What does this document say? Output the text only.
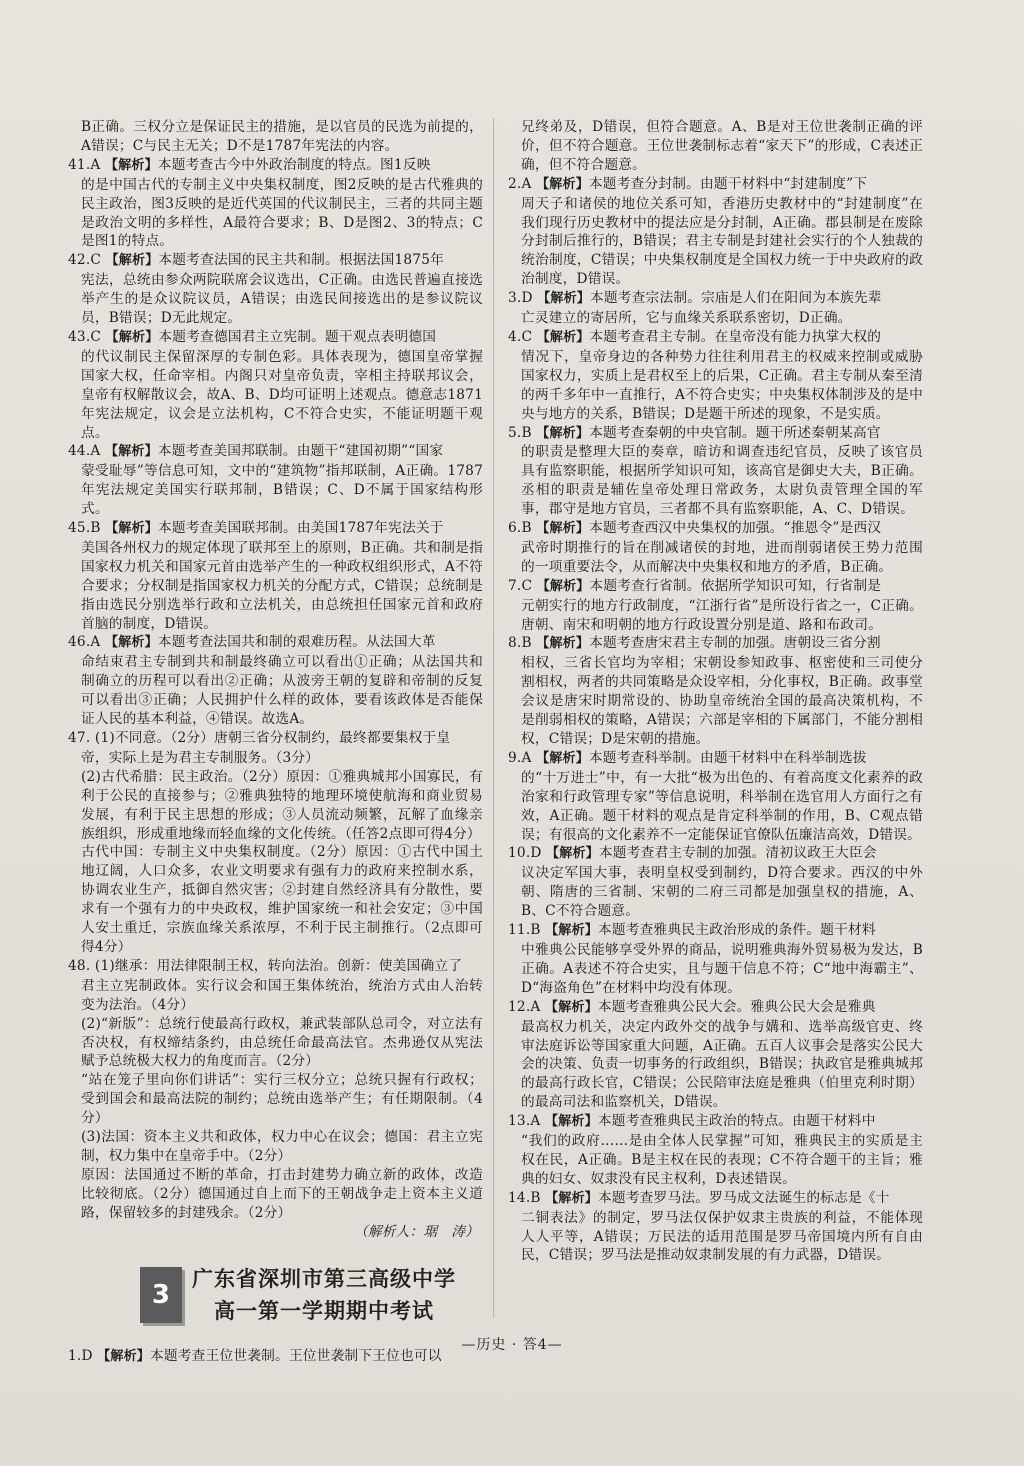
B正确。三权分立是保证民主的措施，是以官员的民选为前提的，A错误；C与民主无关；D不是1787年宪法的内容。

41.A 【解析】本题考查古今中外政治制度的特点。图1反映
的是中国古代的专制主义中央集权制度，图2反映的是古代雅典的民主政治，图3反映的是近代英国的代议制民主，三者的共同主题是政治文明的多样性，A最符合要求；B、D是图2、3的特点；C是图1的特点。

42.C 【解析】本题考查法国的民主共和制。根据法国1875年
宪法，总统由参众两院联席会议选出，C正确。由选民普遍直接选举产生的是众议院议员，A错误；由选民间接选出的是参议院议员，B错误；D无此规定。

43.C 【解析】本题考查德国君主立宪制。题干观点表明德国
的代议制民主保留深厚的专制色彩。具体表现为，德国皇帝掌握国家大权，任命宰相。内阁只对皇帝负责，宰相主持联邦议会，皇帝有权解散议会，故A、B、D均可证明上述观点。德意志1871年宪法规定，议会是立法机构，C不符合史实，不能证明题干观点。

44.A 【解析】本题考查美国邦联制。由题干“建国初期”“国家
蒙受耻辱”等信息可知，文中的“建筑物”指邦联制，A正确。1787年宪法规定美国实行联邦制，B错误；C、D不属于国家结构形式。

45.B 【解析】本题考查美国联邦制。由美国1787年宪法关于
美国各州权力的规定体现了联邦至上的原则，B正确。共和制是指国家权力机关和国家元首由选举产生的一种政权组织形式，A不符合要求；分权制是指国家权力机关的分配方式，C错误；总统制是指由选民分别选举行政和立法机关，由总统担任国家元首和政府首脑的制度，D错误。

46.A 【解析】本题考查法国共和制的艰难历程。从法国大革
命结束君主专制到共和制最终确立可以看出①正确；从法国共和制确立的历程可以看出②正确；从波旁王朝的复辟和帝制的反复可以看出③正确；人民拥护什么样的政体，要看该政体是否能保证人民的基本利益，④错误。故选A。

47. (1)不同意。（2分）唐朝三省分权制约，最终都要集权于皇
帝，实际上是为君主专制服务。（3分）
(2)古代希腊：民主政治。（2分）原因：①雅典城邦小国寡民，有利于公民的直接参与；②雅典独特的地理环境使航海和商业贸易发展，有利于民主思想的形成；③人员流动频繁，瓦解了血缘亲族组织，形成重地缘而轻血缘的文化传统。（任答2点即可得4分）
古代中国：专制主义中央集权制度。（2分）原因：①古代中国土地辽阔，人口众多，农业文明要求有强有力的政府来控制水系，协调农业生产，抵御自然灾害；②封建自然经济具有分散性，要求有一个强有力的中央政权，维护国家统一和社会安定；③中国人安土重迁，宗族血缘关系浓厚，不利于民主制推行。（2点即可得4分）

48. (1)继承：用法律限制王权，转向法治。创新：使美国确立了
君主立宪制政体。实行议会和国王集体统治，统治方式由人治转变为法治。（4分）
(2)“新版”：总统行使最高行政权，兼武装部队总司令，对立法有否决权，有权缔结条约，由总统任命最高法官。杰弗逊仅从宪法赋予总统极大权力的角度而言。（2分）
“站在笼子里向你们讲话”：实行三权分立；总统只握有行政权；受到国会和最高法院的制约；总统由选举产生；有任期限制。（4分）
(3)法国：资本主义共和政体，权力中心在议会；德国：君主立宪制，权力集中在皇帝手中。（2分）
原因：法国通过不断的革命，打击封建势力确立新的政体，改造比较彻底。（2分）德国通过自上而下的王朝战争走上资本主义道路，保留较多的封建残余。（2分）

（解析人：琚　涛）
3
广东省深圳市第三高级中学
高一第一学期期中考试

1.D 【解析】本题考查王位世袭制。王位世袭制下王位也可以

兄终弟及，D错误，但符合题意。A、B是对王位世袭制正确的评价，但不符合题意。王位世袭制标志着“家天下”的形成，C表述正确，但不符合题意。

2.A 【解析】本题考查分封制。由题干材料中“封建制度”下
周天子和诸侯的地位关系可知，香港历史教材中的“封建制度”在我们现行历史教材中的提法应是分封制，A正确。郡县制是在废除分封制后推行的，B错误；君主专制是封建社会实行的个人独裁的统治制度，C错误；中央集权制度是全国权力统一于中央政府的政治制度，D错误。

3.D 【解析】本题考查宗法制。宗庙是人们在阳间为本族先辈
亡灵建立的寄居所，它与血缘关系联系密切，D正确。

4.C 【解析】本题考查君主专制。在皇帝没有能力执掌大权的
情况下，皇帝身边的各种势力往往利用君主的权威来控制或威胁国家权力，实质上是君权至上的后果，C正确。君主专制从秦至清的两千多年中一直推行，A不符合史实；中央集权体制涉及的是中央与地方的关系，B错误；D是题干所述的现象，不是实质。

5.B 【解析】本题考查秦朝的中央官制。题干所述秦朝某高官
的职责是整理大臣的奏章，暗访和调查违纪官员，反映了该官员具有监察职能，根据所学知识可知，该高官是御史大夫，B正确。丞相的职责是辅佐皇帝处理日常政务，太尉负责管理全国的军事，郡守是地方官员，三者都不具有监察职能，A、C、D错误。

6.B 【解析】本题考查西汉中央集权的加强。“推恩令”是西汉
武帝时期推行的旨在削减诸侯的封地，进而削弱诸侯王势力范围的一项重要法令，从而解决中央集权和地方的矛盾，B正确。

7.C 【解析】本题考查行省制。依据所学知识可知，行省制是
元朝实行的地方行政制度，“江浙行省”是所设行省之一，C正确。唐朝、南宋和明朝的地方行政设置分别是道、路和布政司。

8.B 【解析】本题考查唐宋君主专制的加强。唐朝设三省分割
相权，三省长官均为宰相；宋朝设参知政事、枢密使和三司使分割相权，两者的共同策略是众设宰相，分化事权，B正确。政事堂会议是唐宋时期常设的、协助皇帝统治全国的最高决策机构，不是削弱相权的策略，A错误；六部是宰相的下属部门，不能分割相权，C错误；D是宋朝的措施。

9.A 【解析】本题考查科举制。由题干材料中在科举制选拔
的“十万进士”中，有一大批“极为出色的、有着高度文化素养的政治家和行政管理专家”等信息说明，科举制在选官用人方面行之有效，A正确。题干材料的观点是肯定科举制的作用，B、C观点错误；有很高的文化素养不一定能保证官僚队伍廉洁高效，D错误。

10.D 【解析】本题考查君主专制的加强。清初议政王大臣会
议决定军国大事，表明皇权受到制约，D符合要求。西汉的中外朝、隋唐的三省制、宋朝的二府三司都是加强皇权的措施，A、B、C不符合题意。

11.B 【解析】本题考查雅典民主政治形成的条件。题干材料
中雅典公民能够享受外界的商品，说明雅典海外贸易极为发达，B正确。A表述不符合史实，且与题干信息不符；C“地中海霸主”、D“海盗角色”在材料中均没有体现。

12.A 【解析】本题考查雅典公民大会。雅典公民大会是雅典
最高权力机关，决定内政外交的战争与媾和、选举高级官吏、终审法庭诉讼等国家重大问题，A正确。五百人议事会是落实公民大会的决策、负责一切事务的行政组织，B错误；执政官是雅典城邦的最高行政长官，C错误；公民陪审法庭是雅典（伯里克利时期）的最高司法和监察机关，D错误。

13.A 【解析】本题考查雅典民主政治的特点。由题干材料中
“我们的政府……是由全体人民掌握”可知，雅典民主的实质是主权在民，A正确。B是主权在民的表现；C不符合题干的主旨；雅典的妇女、奴隶没有民主权利，D表述错误。

14.B 【解析】本题考查罗马法。罗马成文法诞生的标志是《十
二铜表法》的制定，罗马法仅保护奴隶主贵族的利益，不能体现人人平等，A错误；万民法的适用范围是罗马帝国境内所有自由民，C错误；罗马法是推动奴隶制发展的有力武器，D错误。

—历史 · 答4—
